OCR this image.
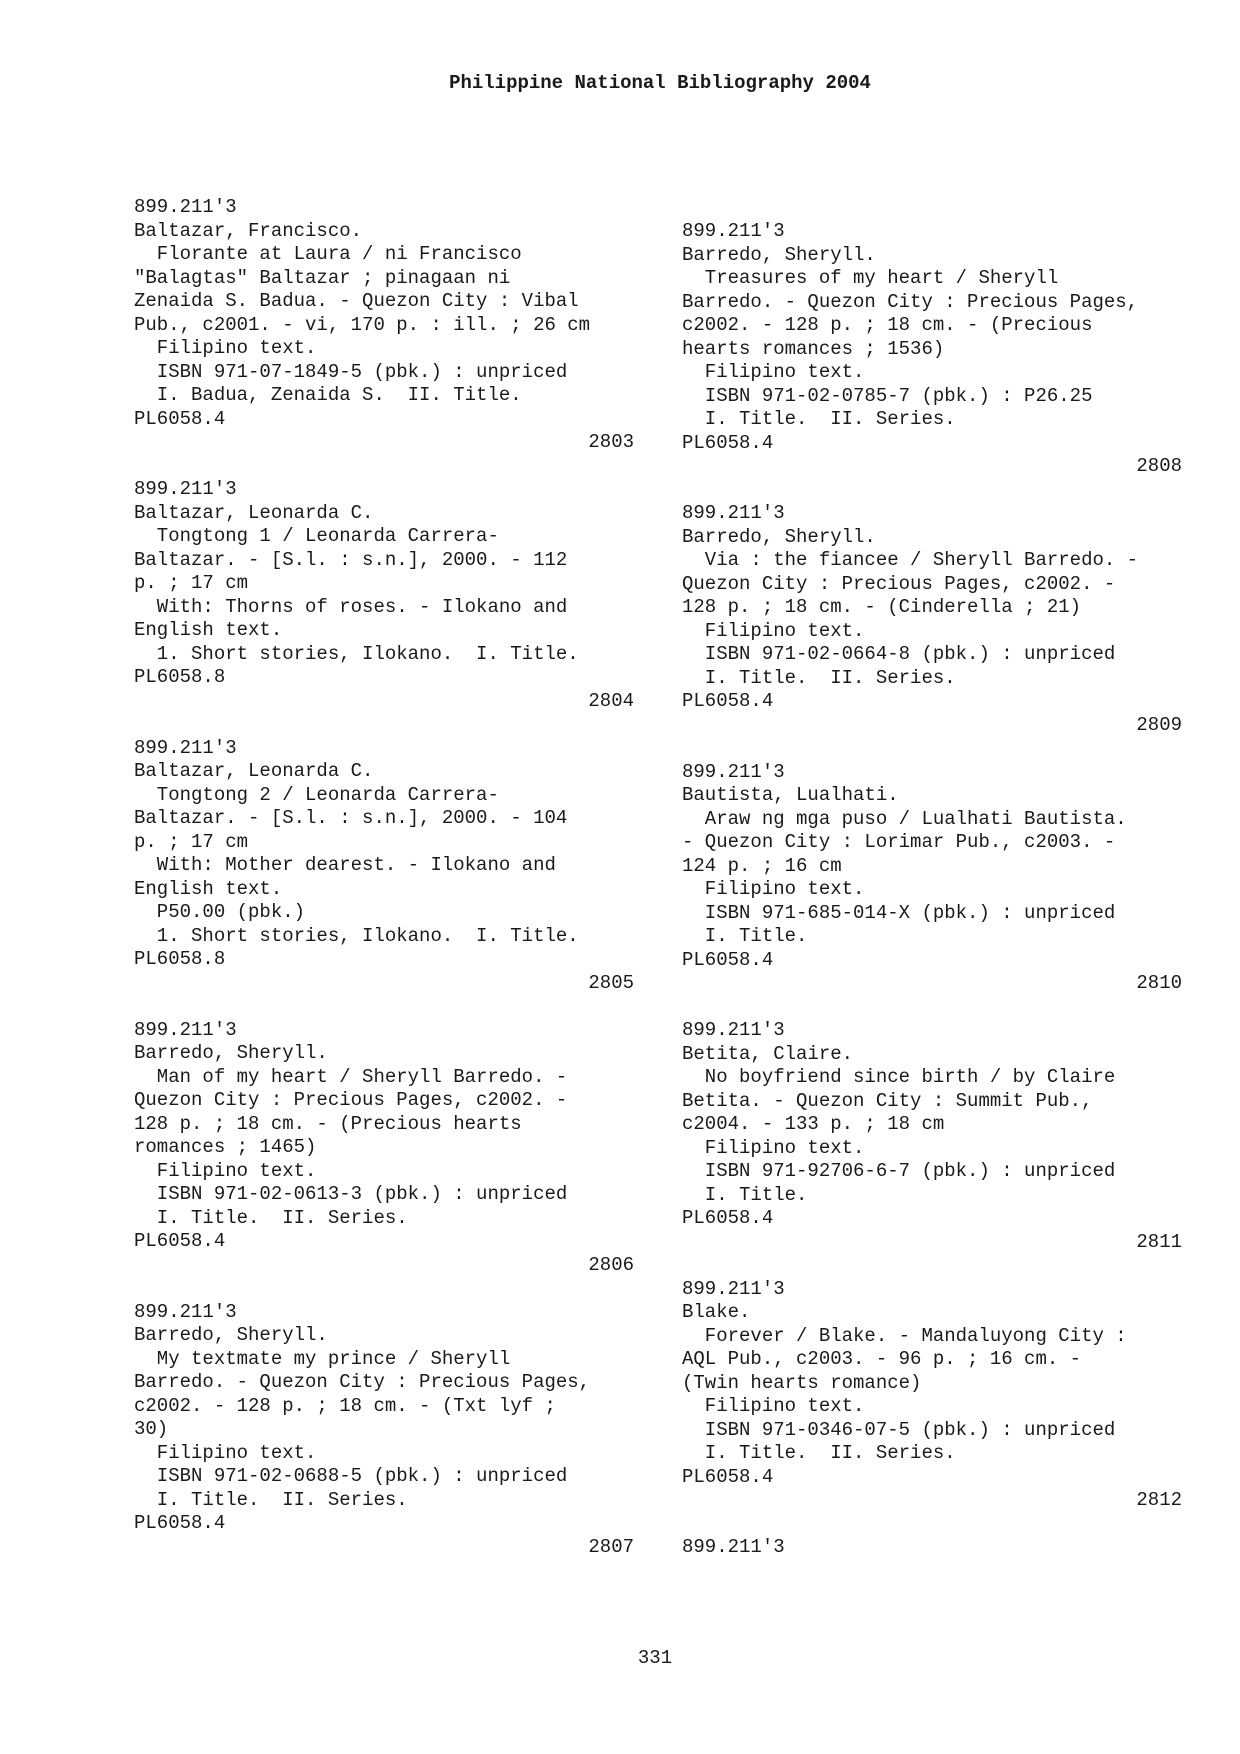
Philippine National Bibliography 2004
899.211'3
Baltazar, Francisco.
Florante at Laura / ni Francisco
"Balagtas" Baltazar ; pinagaan ni
Zenaida S. Badua. - Quezon City : Vibal
Pub., c2001. - vi, 170 p. : ill. ; 26 cm
Filipino text.
ISBN 971-07-1849-5 (pbk.) : unpriced
I. Badua, Zenaida S.  II. Title.
PL6058.4
2803
899.211'3
Baltazar, Leonarda C.
Tongtong 1 / Leonarda Carrera-
Baltazar. - [S.l. : s.n.], 2000. - 112
p. ; 17 cm
With: Thorns of roses. - Ilokano and
English text.
1. Short stories, Ilokano.  I. Title.
PL6058.8
2804
899.211'3
Baltazar, Leonarda C.
Tongtong 2 / Leonarda Carrera-
Baltazar. - [S.l. : s.n.], 2000. - 104
p. ; 17 cm
With: Mother dearest. - Ilokano and
English text.
P50.00 (pbk.)
1. Short stories, Ilokano.  I. Title.
PL6058.8
2805
899.211'3
Barredo, Sheryll.
Man of my heart / Sheryll Barredo. -
Quezon City : Precious Pages, c2002. -
128 p. ; 18 cm. - (Precious hearts
romances ; 1465)
Filipino text.
ISBN 971-02-0613-3 (pbk.) : unpriced
I. Title.  II. Series.
PL6058.4
2806
899.211'3
Barredo, Sheryll.
My textmate my prince / Sheryll
Barredo. - Quezon City : Precious Pages,
c2002. - 128 p. ; 18 cm. - (Txt lyf ;
30)
Filipino text.
ISBN 971-02-0688-5 (pbk.) : unpriced
I. Title.  II. Series.
PL6058.4
2807
899.211'3
Barredo, Sheryll.
Treasures of my heart / Sheryll
Barredo. - Quezon City : Precious Pages,
c2002. - 128 p. ; 18 cm. - (Precious
hearts romances ; 1536)
Filipino text.
ISBN 971-02-0785-7 (pbk.) : P26.25
I. Title.  II. Series.
PL6058.4
2808
899.211'3
Barredo, Sheryll.
Via : the fiancee / Sheryll Barredo. -
Quezon City : Precious Pages, c2002. -
128 p. ; 18 cm. - (Cinderella ; 21)
Filipino text.
ISBN 971-02-0664-8 (pbk.) : unpriced
I. Title.  II. Series.
PL6058.4
2809
899.211'3
Bautista, Lualhati.
Araw ng mga puso / Lualhati Bautista.
- Quezon City : Lorimar Pub., c2003. -
124 p. ; 16 cm
Filipino text.
ISBN 971-685-014-X (pbk.) : unpriced
I. Title.
PL6058.4
2810
899.211'3
Betita, Claire.
No boyfriend since birth / by Claire
Betita. - Quezon City : Summit Pub.,
c2004. - 133 p. ; 18 cm
Filipino text.
ISBN 971-92706-6-7 (pbk.) : unpriced
I. Title.
PL6058.4
2811
899.211'3
Blake.
Forever / Blake. - Mandaluyong City :
AQL Pub., c2003. - 96 p. ; 16 cm. -
(Twin hearts romance)
Filipino text.
ISBN 971-0346-07-5 (pbk.) : unpriced
I. Title.  II. Series.
PL6058.4
2812
899.211'3
331
